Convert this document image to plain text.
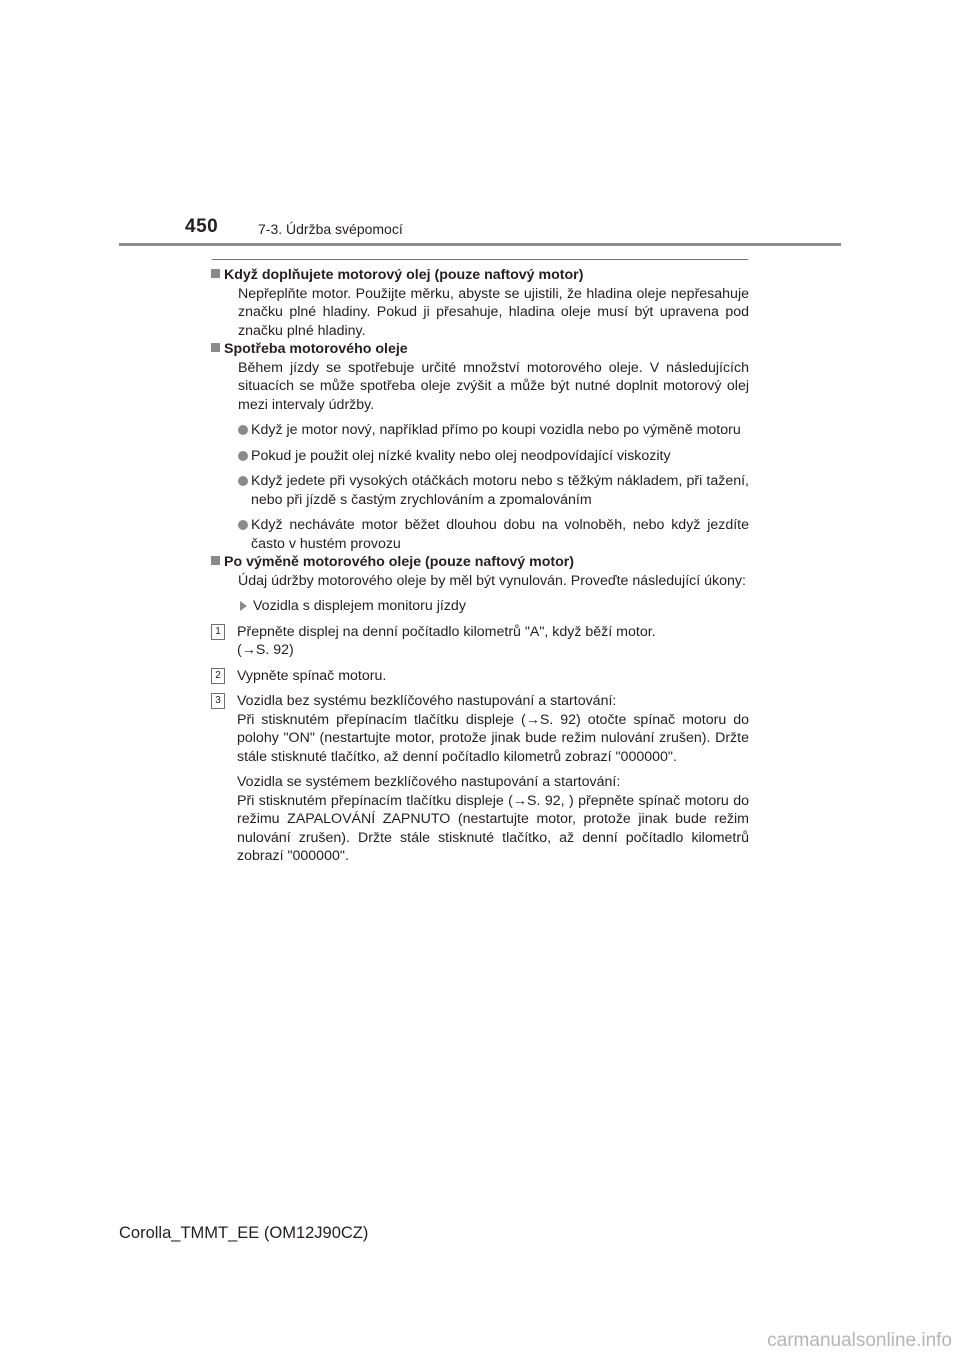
450	7-3. Údržba svépomocí

Když doplňujete motorový olej (pouze naftový motor)

Nepřeplňte motor. Použijte měrku, abyste se ujistili, že hladina oleje nepřesahuje značku plné hladiny. Pokud ji přesahuje, hladina oleje musí být upravena pod značku plné hladiny.

Spotřeba motorového oleje

Během jízdy se spotřebuje určité množství motorového oleje. V následujících situacích se může spotřeba oleje zvýšit a může být nutné doplnit motorový olej mezi intervaly údržby.

Když je motor nový, například přímo po koupi vozidla nebo po výměně motoru
Pokud je použit olej nízké kvality nebo olej neodpovídající viskozity
Když jedete při vysokých otáčkách motoru nebo s těžkým nákladem, při tažení, nebo při jízdě s častým zrychlováním a zpomalováním
Když necháváte motor běžet dlouhou dobu na volnoběh, nebo když jezdíte často v hustém provozu

Po výměně motorového oleje (pouze naftový motor)

Údaj údržby motorového oleje by měl být vynulován. Proveďte následující úkony:

Vozidla s displejem monitoru jízdy
1 Přepněte displej na denní počítadlo kilometrů "A", když běží motor.

(→S. 92)

2 Vypněte spínač motoru.

3 Vozidla bez systému bezklíčového nastupování a startování:

Při stisknutém přepínacím tlačítku displeje (→S. 92) otočte spínač motoru do polohy "ON" (nestartujte motor, protože jinak bude režim nulování zrušen). Držte stále stisknuté tlačítko, až denní počítadlo kilometrů zobrazí "000000".

Vozidla se systémem bezklíčového nastupování a startování:

Při stisknutém přepínacím tlačítku displeje (→S. 92, ) přepněte spínač motoru do režimu ZAPALOVÁNÍ ZAPNUTO (nestartujte motor, protože jinak bude režim nulování zrušen). Držte stále stisknuté tlačítko, až denní počítadlo kilometrů zobrazí "000000".

Corolla_TMMT_EE (OM12J90CZ)
carmanualsonline.info
